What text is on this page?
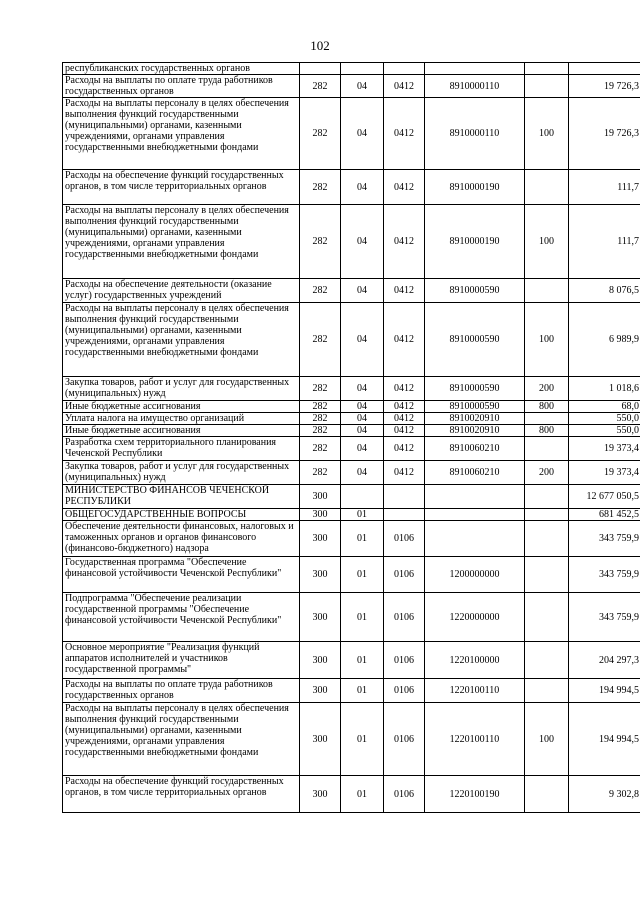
102
республиканских государственных органов						
Расходы на выплаты по оплате труда работников государственных органов	282	04	0412	8910000110		19 726,3
Расходы на выплаты персоналу в целях обеспечения выполнения функций государственными (муниципальными) органами, казенными учреждениями, органами управления государственными внебюджетными фондами	282	04	0412	8910000110	100	19 726,3
Расходы на обеспечение функций государственных органов, в том числе территориальных органов	282	04	0412	8910000190		111,7
Расходы на выплаты персоналу в целях обеспечения выполнения функций государственными (муниципальными) органами, казенными учреждениями, органами управления государственными внебюджетными фондами	282	04	0412	8910000190	100	111,7
Расходы на обеспечение деятельности (оказание услуг) государственных учреждений	282	04	0412	8910000590		8 076,5
Расходы на выплаты персоналу в целях обеспечения выполнения функций государственными (муниципальными) органами, казенными учреждениями, органами управления государственными внебюджетными фондами	282	04	0412	8910000590	100	6 989,9
Закупка товаров, работ и услуг для государственных (муниципальных) нужд	282	04	0412	8910000590	200	1 018,6
Иные бюджетные ассигнования	282	04	0412	8910000590	800	68,0
Уплата налога на имущество организаций	282	04	0412	8910020910		550,0
Иные бюджетные ассигнования	282	04	0412	8910020910	800	550,0
Разработка схем территориального планирования Чеченской Республики	282	04	0412	8910060210		19 373,4
Закупка товаров, работ и услуг для государственных (муниципальных) нужд	282	04	0412	8910060210	200	19 373,4
МИНИСТЕРСТВО ФИНАНСОВ ЧЕЧЕНСКОЙ РЕСПУБЛИКИ	300					12 677 050,5
ОБЩЕГОСУДАРСТВЕННЫЕ ВОПРОСЫ	300	01				681 452,5
Обеспечение деятельности финансовых, налоговых и таможенных органов и органов финансового (финансово-бюджетного) надзора	300	01	0106			343 759,9
Государственная программа "Обеспечение финансовой устойчивости Чеченской Республики"	300	01	0106	1200000000		343 759,9
Подпрограмма "Обеспечение реализации государственной программы "Обеспечение финансовой устойчивости Чеченской Республики"	300	01	0106	1220000000		343 759,9
Основное мероприятие "Реализация функций аппаратов исполнителей и участников государственной программы"	300	01	0106	1220100000		204 297,3
Расходы на выплаты по оплате труда работников государственных органов	300	01	0106	1220100110		194 994,5
Расходы на выплаты персоналу в целях обеспечения выполнения функций государственными (муниципальными) органами, казенными учреждениями, органами управления государственными внебюджетными фондами	300	01	0106	1220100110	100	194 994,5
Расходы на обеспечение функций государственных органов, в том числе территориальных органов	300	01	0106	1220100190		9 302,8
